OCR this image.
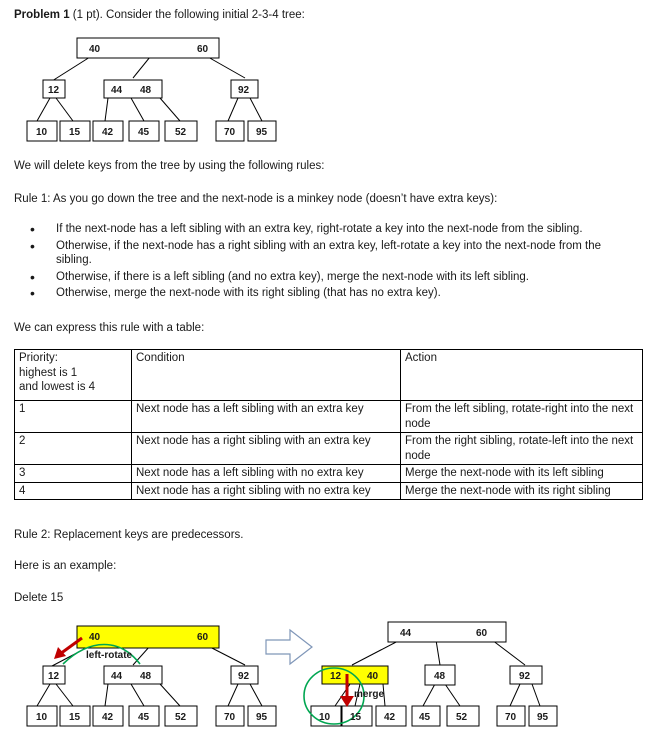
Problem 1 (1 pt). Consider the following initial 2-3-4 tree:

40	60
12	44 48	92
10 15 42 45	52	70 95

We will delete keys from the tree by using the following rules:

Rule 1: As you go down the tree and the next-node is a minkey node (doesn’t have extra keys):

• If the next-node has a left sibling with an extra key, right-rotate a key into the next-node from the sibling.
• Otherwise, if the next-node has a right sibling with an extra key, left-rotate a key into the next-node from the sibling.
• Otherwise, if there is a left sibling (and no extra key), merge the next-node with its left sibling.
• Otherwise, merge the next-node with its right sibling (that has no extra key).

We can express this rule with a table:

Priority:
highest is 1
and lowest is 4	Condition	Action
1	Next node has a left sibling with an extra key	From the left sibling, rotate-right into the next node
2	Next node has a right sibling with an extra key	From the right sibling, rotate-left into the next node
3	Next node has a left sibling with no extra key	Merge the next-node with its left sibling
4	Next node has a right sibling with no extra key	Merge the next-node with its right sibling

Rule 2: Replacement keys are predecessors.

Here is an example:

Delete 15

40	60
left-rotate
12	44 48	92
10 15 42 45	52	70 95
44	60
12	40	48	92
merge
10 15 42 45	52	70 95
